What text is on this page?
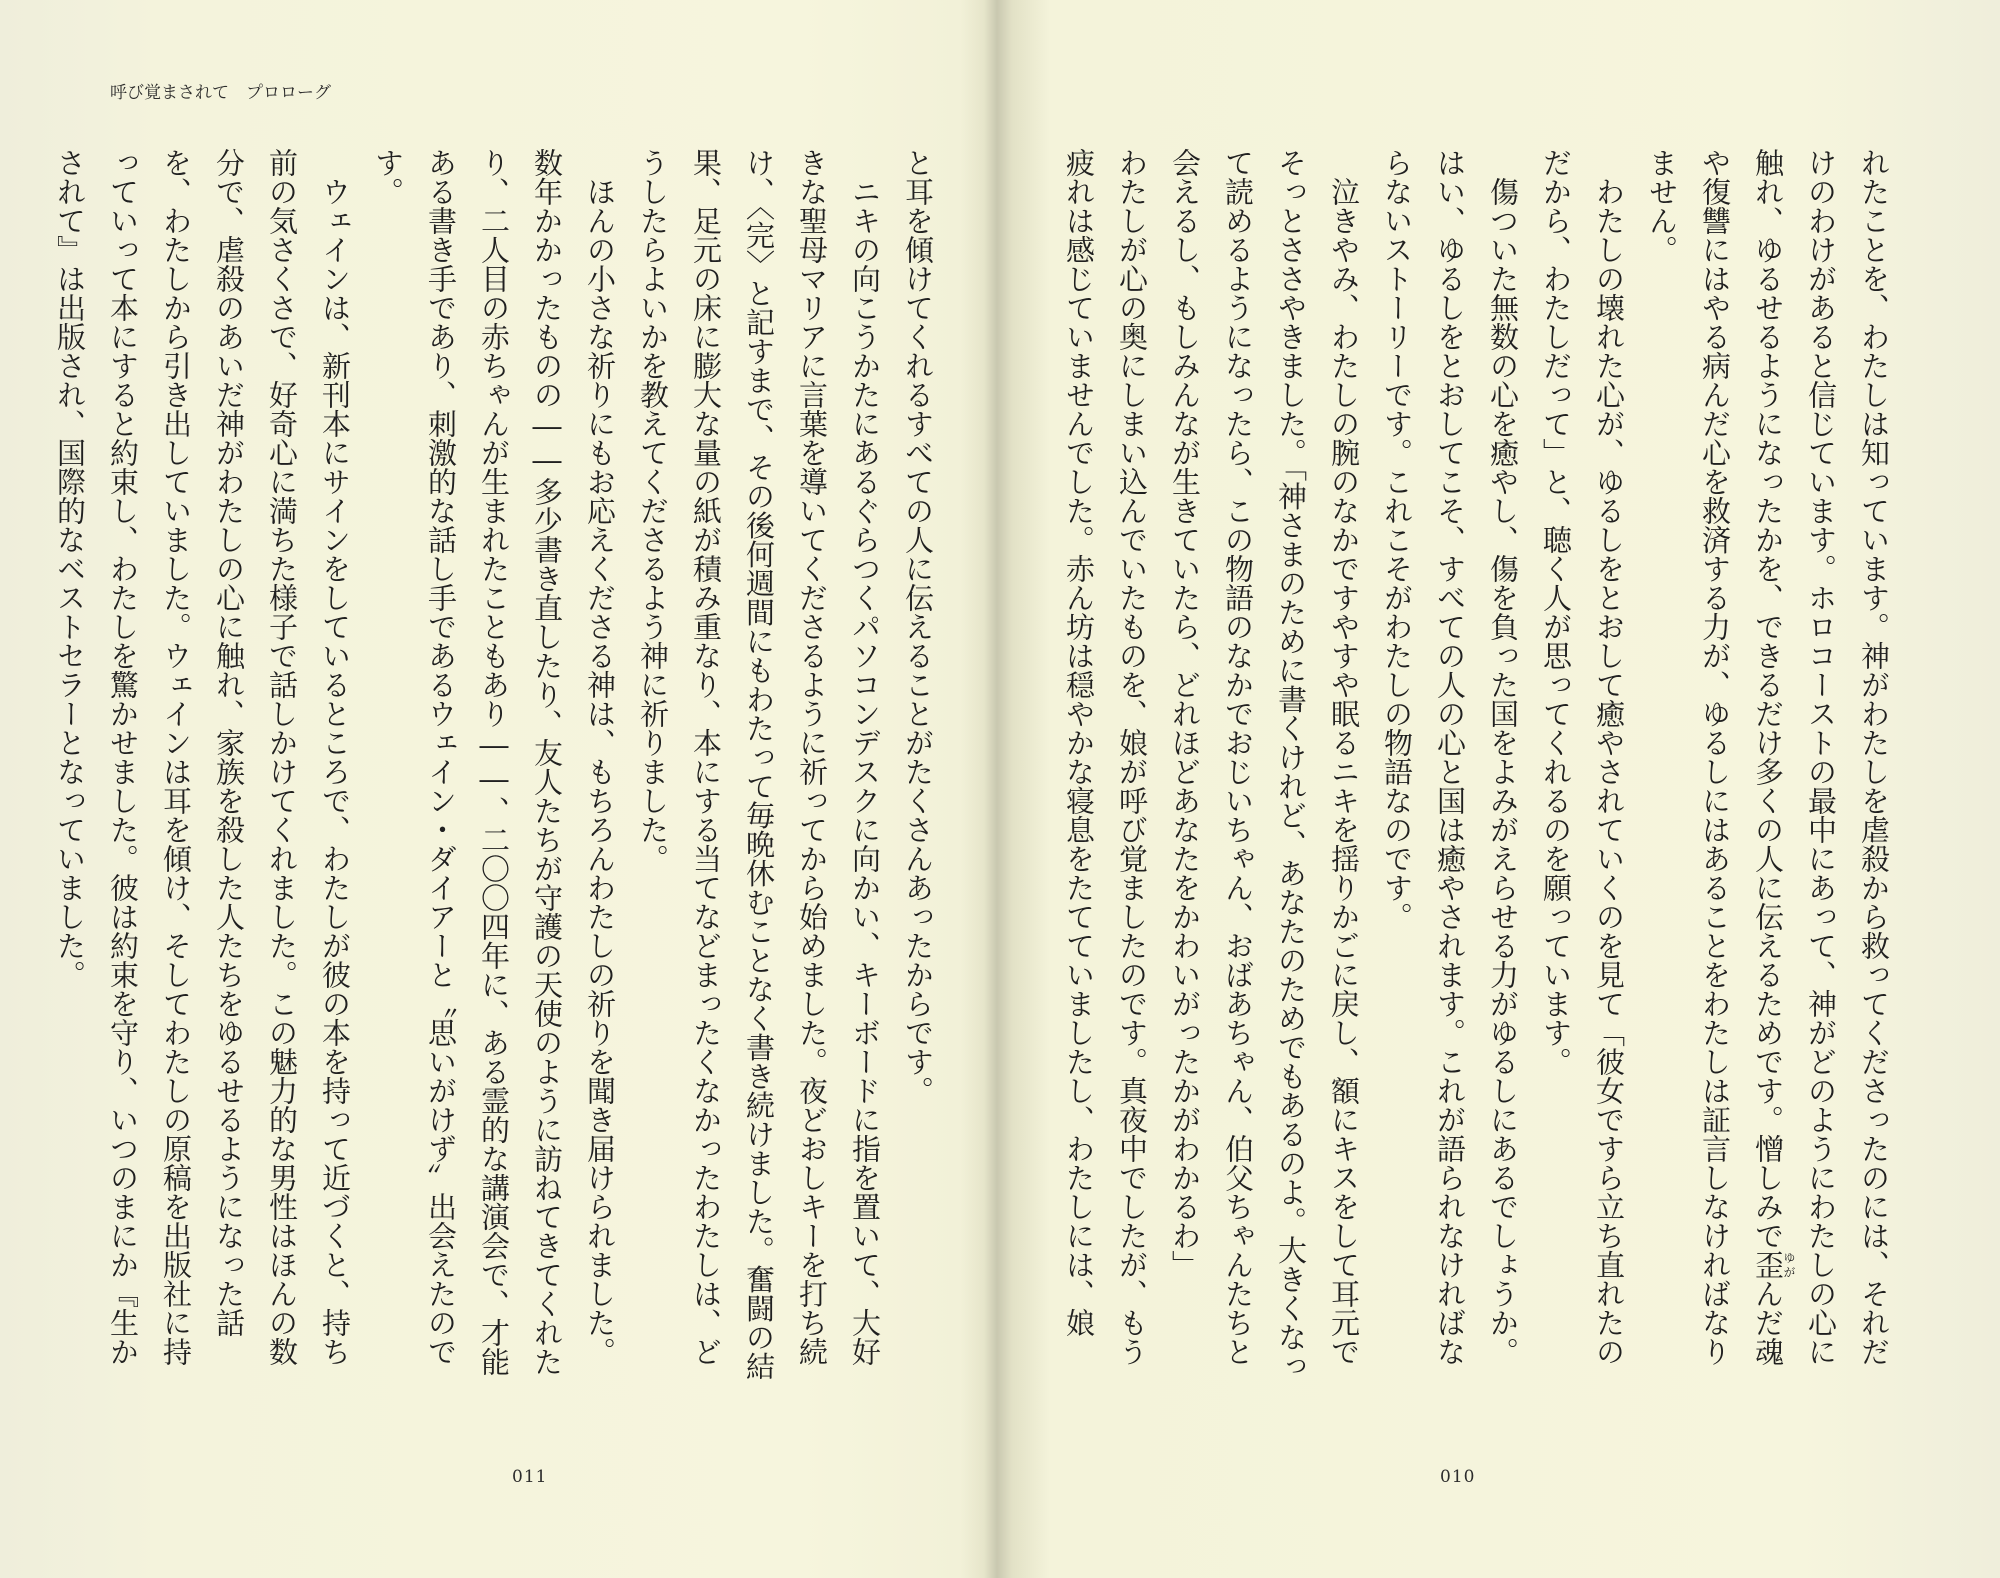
呼び覚まされて　プロローグ

と耳を傾けてくれるすべての人に伝えることがたくさんあったからです。

ニキの向こうかたにあるぐらつくパソコンデスクに向かい、キーボードに指を置いて、大好きな聖母マリアに言葉を導いてくださるように祈ってから始めました。夜どおしキーを打ち続け、〈完〉と記すまで、その後何週間にもわたって毎晩休むことなく書き続けました。奮闘の結果、足元の床に膨大な量の紙が積み重なり、本にする当てなどまったくなかったわたしは、どうしたらよいかを教えてくださるよう神に祈りました。

ほんの小さな祈りにもお応えくださる神は、もちろんわたしの祈りを聞き届けられました。数年かかったものの――多少書き直したり、友人たちが守護の天使のように訪ねてきてくれたり、二人目の赤ちゃんが生まれたこともあり――、二〇〇四年に、ある霊的な講演会で、才能ある書き手であり、刺激的な話し手であるウェイン・ダイアーと〝思いがけず〟出会えたのです。

ウェインは、新刊本にサインをしているところで、わたしが彼の本を持って近づくと、持ち前の気さくさで、好奇心に満ちた様子で話しかけてくれました。この魅力的な男性はほんの数分で、虐殺のあいだ神がわたしの心に触れ、家族を殺した人たちをゆるせるようになった話を、わたしから引き出していました。ウェインは耳を傾け、そしてわたしの原稿を出版社に持っていって本にすると約束し、わたしを驚かせました。彼は約束を守り、いつのまにか『生かされて』は出版され、国際的なベストセラーとなっていました。

011

れたことを、わたしは知っています。神がわたしを虐殺から救ってくださったのには、それだけのわけがあると信じています。ホロコーストの最中にあって、神がどのようにわたしの心に触れ、ゆるせるようになったかを、できるだけ多くの人に伝えるためです。憎しみで歪ゆがんだ魂や復讐にはやる病んだ心を救済する力が、ゆるしにはあることをわたしは証言しなければなりません。

わたしの壊れた心が、ゆるしをとおして癒やされていくのを見て「彼女ですら立ち直れたのだから、わたしだって」と、聴く人が思ってくれるのを願っています。

傷ついた無数の心を癒やし、傷を負った国をよみがえらせる力がゆるしにあるでしょうか。はい、ゆるしをとおしてこそ、すべての人の心と国は癒やされます。これが語られなければならないストーリーです。これこそがわたしの物語なのです。

泣きやみ、わたしの腕のなかですやすや眠るニキを揺りかごに戻し、額にキスをして耳元でそっとささやきました。「神さまのために書くけれど、あなたのためでもあるのよ。大きくなって読めるようになったら、この物語のなかでおじいちゃん、おばあちゃん、伯父ちゃんたちと会えるし、もしみんなが生きていたら、どれほどあなたをかわいがったかがわかるわ」

わたしが心の奥にしまい込んでいたものを、娘が呼び覚ましたのです。真夜中でしたが、もう疲れは感じていませんでした。赤ん坊は穏やかな寝息をたてていましたし、わたしには、娘

010
